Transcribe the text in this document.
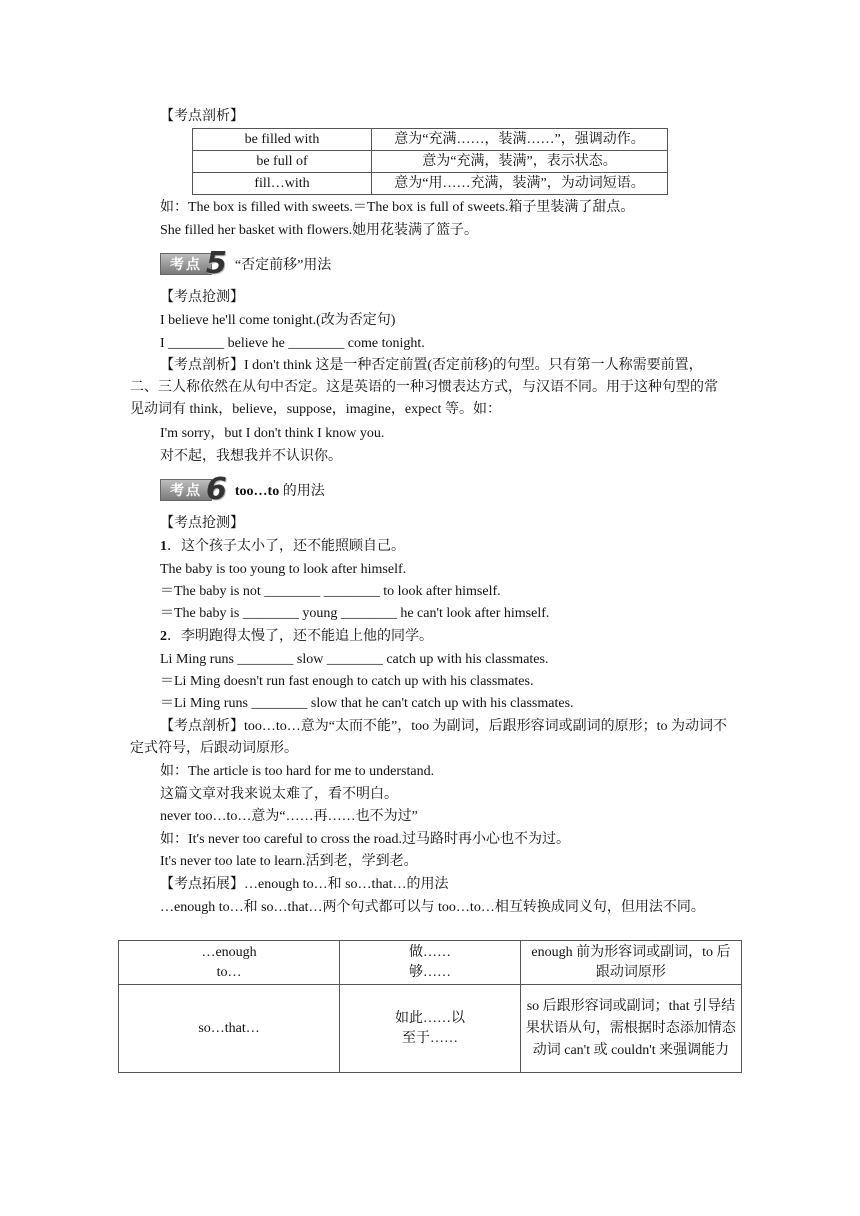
【考点剖析】
be filled with	意为“充满……，装满……”，强调动作。
be full of	意为“充满，装满”，表示状态。
fill…with	意为“用……充满，装满”，为动词短语。
如：The box is filled with sweets.＝The box is full of sweets.箱子里装满了甜点。
She filled her basket with flowers.她用花装满了篮子。
考点 5 “否定前移”用法
【考点抢测】
I believe he'll come tonight.(改为否定句)
I ________ believe he ________ come tonight.
【考点剖析】I don't think 这是一种否定前置(否定前移)的句型。只有第一人称需要前置，二、三人称依然在从句中否定。这是英语的一种习惯表达方式，与汉语不同。用于这种句型的常见动词有 think，believe，suppose，imagine，expect 等。如：
I'm sorry，but I don't think I know you.
对不起，我想我并不认识你。
考点 6 too…to 的用法
【考点抢测】
1．这个孩子太小了，还不能照顾自己。
The baby is too young to look after himself.
＝The baby is not ________ ________ to look after himself.
＝The baby is ________ young ________ he can't look after himself.
2．李明跑得太慢了，还不能追上他的同学。
Li Ming runs ________ slow ________ catch up with his classmates.
＝Li Ming doesn't run fast enough to catch up with his classmates.
＝Li Ming runs ________ slow that he can't catch up with his classmates.
【考点剖析】too…to…意为“太而不能”，too 为副词，后跟形容词或副词的原形；to 为动词不定式符号，后跟动词原形。
如：The article is too hard for me to understand.
这篇文章对我来说太难了，看不明白。
never too…to…意为“……再……也不为过”
如：It's never too careful to cross the road.过马路时再小心也不为过。
It's never too late to learn.活到老，学到老。
【考点拓展】…enough to…和 so…that…的用法
…enough to…和 so…that…两个句式都可以与 too…to…相互转换成同义句，但用法不同。
…enough to…	做……够……	enough 前为形容词或副词，to 后跟动词原形

so…that…	如此……以至于……	so 后跟形容词或副词；that 引导结果状语从句，需根据时态添加情态动词 can't 或 couldn't 来强调能力
